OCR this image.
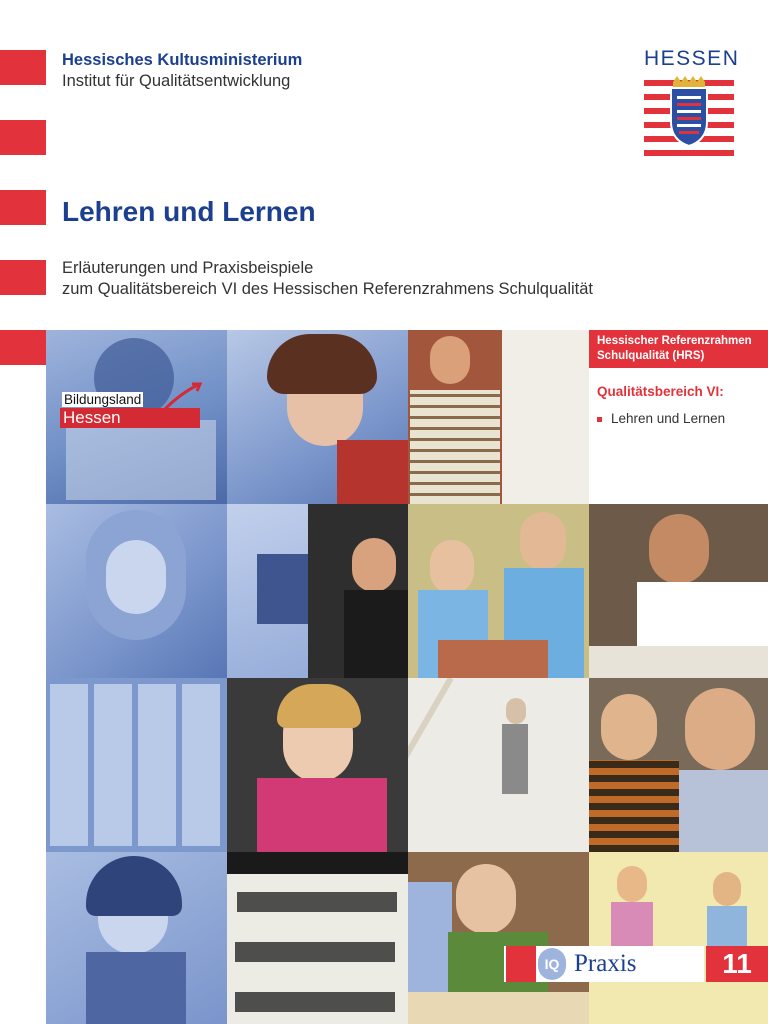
Hessisches Kultusministerium
Institut für Qualitätsentwicklung
HESSEN
Lehren und Lernen
Erläuterungen und Praxisbeispiele
zum Qualitätsbereich VI des Hessischen Referenzrahmens Schulqualität
Bildungsland
Hessen
Hessischer Referenzrahmen
Schulqualität (HRS)
Qualitätsbereich VI:
Lehren und Lernen
IQ Praxis	11
